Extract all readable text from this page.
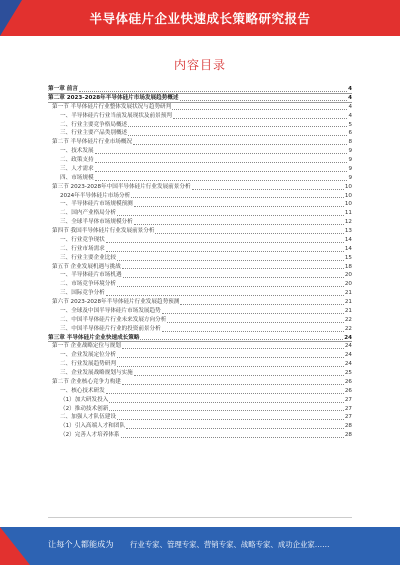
半导体硅片企业快速成长策略研究报告
内容目录
第一章 前言	4
第二章 2023-2028年半导体硅片市场发展趋势概述	4
第一节 半导体硅片行业整体发展状况与趋势研判	4
一、半导体硅片行业当前发展现状及前景预判	4
二、行业主要竞争格局概述	5
三、行业主要产品类别概述	6
第二节 半导体硅片行业市场概况	8
一、技术发展	9
二、政策支持	9
三、人才需求	9
四、市场规模	9
第三节 2023-2028年中国半导体硅片行业发展前景分析	10
2024年半导体硅片市场分析	10
一、半导体硅片市场规模预测	10
二、国内产业格局分析	11
三、全球半导体市场规模分析	12
第四节 我国半导体硅片行业发展前景分析	13
一、行业竞争现状	14
二、行业市场需求	14
三、行业主要企业比较	15
第五节 企业发展机遇与挑战	18
一、半导体硅片市场机遇	20
二、市场竞争环境分析	20
三、国际竞争分析	21
第六节 2023-2028年半导体硅片行业发展趋势预测	21
一、全球及中国半导体硅片市场发展趋势	21
二、中国半导体硅片行业未来发展方向分析	22
三、中国半导体硅片行业的投资前景分析	22
第三章 半导体硅片企业快速成长策略	24
第一节 企业战略定位与规划	24
一、企业发展定位分析	24
二、行业发展趋势研判	24
三、企业发展战略规划与实施	25
第二节 企业核心竞争力构建	26
一、核心技术研发	26
（1）加大研发投入	27
（2）推动技术创新	27
二、加强人才队伍建设	27
（1）引入高端人才和团队	28
（2）完善人才培养体系	28
让每个人都能成为 行业专家、管理专家、营销专家、战略专家、成功企业家……
